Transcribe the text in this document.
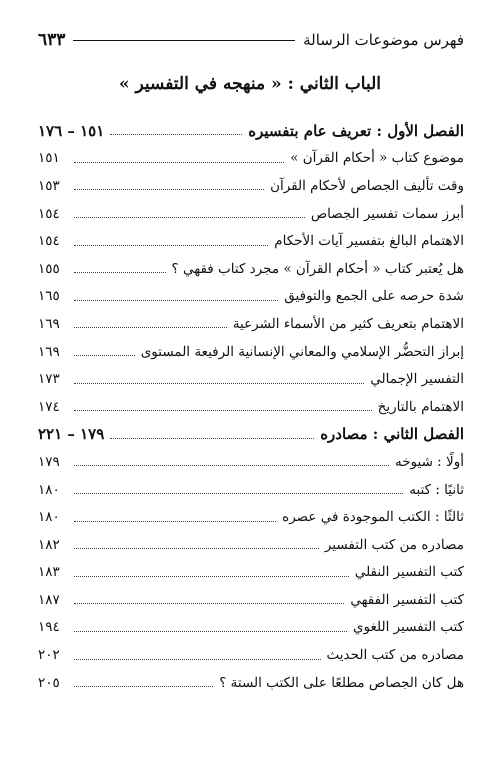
فهرس موضوعات الرسالة
٦٣٣
الباب الثاني : « منهجه في التفسير »
الفصل الأول : تعريف عام بتفسيره
١٥١ – ١٧٦
موضوع كتاب « أحكام القرآن »
١٥١
وقت تأليف الجصاص لأحكام القرآن
١٥٣
أبرز سمات تفسير الجصاص
١٥٤
الاهتمام البالغ بتفسير آيات الأحكام
١٥٤
هل يُعتبر كتاب « أحكام القرآن » مجرد كتاب فقهي ؟
١٥٥
شدة حرصه على الجمع والتوفيق
١٦٥
الاهتمام بتعريف كثير من الأسماء الشرعية
١٦٩
إبراز التحضُّر الإسلامي والمعاني الإنسانية الرفيعة المستوى
١٦٩
التفسير الإجمالي
١٧٣
الاهتمام بالتاريخ
١٧٤
الفصل الثاني : مصادره
١٧٩ – ٢٢١
أولًا : شيوخه
١٧٩
ثانيًا : كتبه
١٨٠
ثالثًا : الكتب الموجودة في عصره
١٨٠
مصادره من كتب التفسير
١٨٢
كتب التفسير النقلي
١٨٣
كتب التفسير الفقهي
١٨٧
كتب التفسير اللغوي
١٩٤
مصادره من كتب الحديث
٢٠٢
هل كان الجصاص مطلعًا على الكتب الستة ؟
٢٠٥
